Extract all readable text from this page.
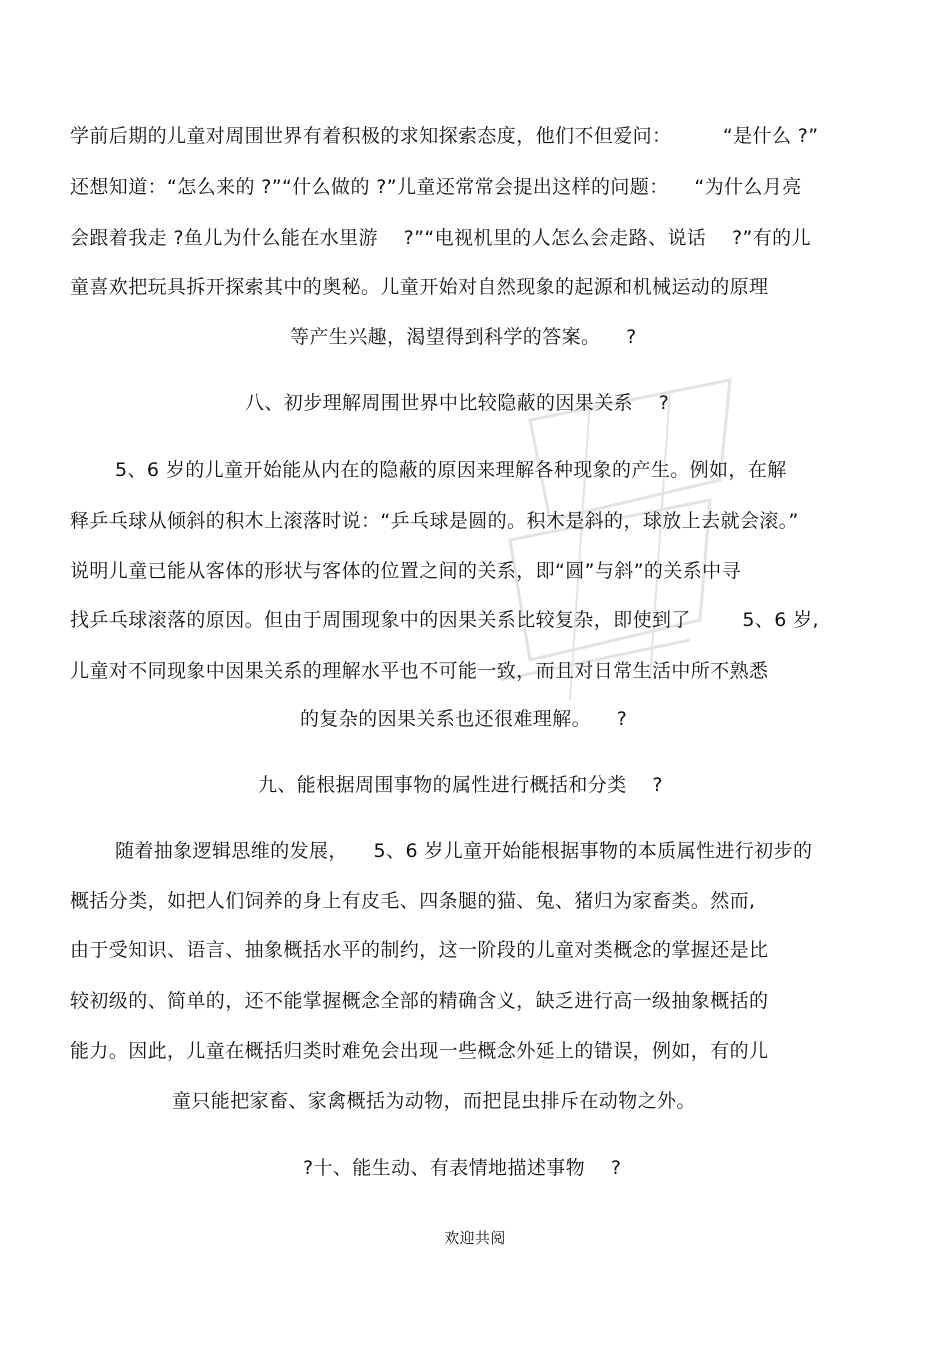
学前后期的儿童对周围世界有着积极的求知探索态度，他们不但爱问：        “是什么 ?”
还想知道：“怎么来的 ?”“什么做的 ?”儿童还常常会提出这样的问题：    “为什么月亮
会跟着我走 ?鱼儿为什么能在水里游    ?”“电视机里的人怎么会走路、说话    ?”有的儿
童喜欢把玩具拆开探索其中的奥秘。儿童开始对自然现象的起源和机械运动的原理
等产生兴趣，渴望得到科学的答案。    ?
八、初步理解周围世界中比较隐蔽的因果关系    ?
5、6 岁的儿童开始能从内在的隐蔽的原因来理解各种现象的产生。例如，在解
释乒乓球从倾斜的积木上滚落时说：“乒乓球是圆的。积木是斜的，球放上去就会滚。”
说明儿童已能从客体的形状与客体的位置之间的关系，即“圆”与斜”的关系中寻
找乒乓球滚落的原因。但由于周围现象中的因果关系比较复杂，即使到了        5、6 岁,
儿童对不同现象中因果关系的理解水平也不可能一致，而且对日常生活中所不熟悉
的复杂的因果关系也还很难理解。    ?
九、能根据周围事物的属性进行概括和分类    ?
随着抽象逻辑思维的发展，    5、6 岁儿童开始能根据事物的本质属性进行初步的
概括分类，如把人们饲养的身上有皮毛、四条腿的猫、兔、猪归为家畜类。然而,
由于受知识、语言、抽象概括水平的制约，这一阶段的儿童对类概念的掌握还是比
较初级的、简单的，还不能掌握概念全部的精确含义，缺乏进行高一级抽象概括的
能力。因此，儿童在概括归类时难免会出现一些概念外延上的错误，例如，有的儿
童只能把家畜、家禽概括为动物，而把昆虫排斥在动物之外。
?十、能生动、有表情地描述事物    ?
欢迎共阅
